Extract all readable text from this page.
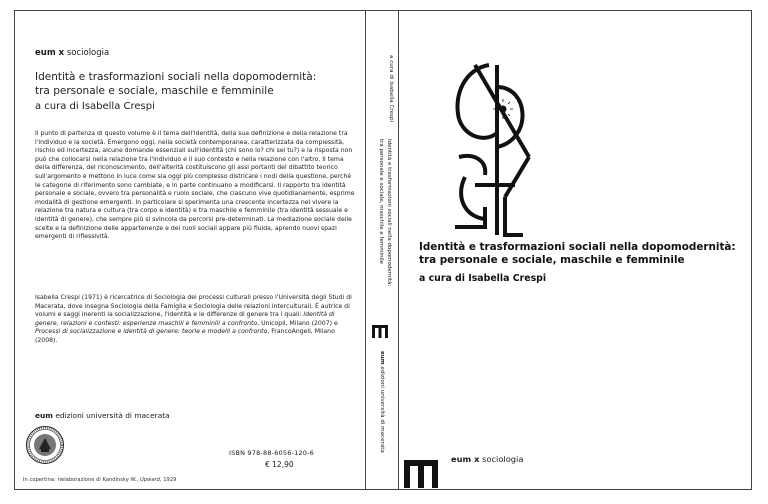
eum x sociologia
Identità e trasformazioni sociali nella dopomodernità:
tra personale e sociale, maschile e femminile
a cura di Isabella Crespi

Il punto di partenza di questo volume è il tema dell'identità, della sua definizione e della relazione tra l'individuo e la società. Emergono oggi, nella società contemporanea, caratterizzata da complessità, rischio ed incertezza, alcune domande essenziali sull'identità (chi sono io? chi sei tu?) e la risposta non può che collocarsi nella relazione tra l'individuo e il suo contesto e nella relazione con l'altro. Il tema della differenza, del riconoscimento, dell'alterità costituiscono gli assi portanti del dibattito teorico sull'argomento e mettono in luce come sia oggi più complesso districare i nodi della questione, perché le categorie di riferimento sono cambiate, e in parte continuano a modificarsi. Il rapporto tra identità personale e sociale, ovvero tra personalità e ruolo sociale, che ciascuno vive quotidianamente, esprime modalità di gestione emergenti. In particolare si sperimenta una crescente incertezza nel vivere la relazione tra natura e cultura (tra corpo e identità) e tra maschile e femminile (tra identità sessuale e identità di genere), che sempre più si svincola da percorsi pre-determinati. La mediazione sociale delle scelte e la definizione delle appartenenze e dei ruoli sociali appare più fluida, aprendo nuovi spazi emergenti di riflessività.

Isabella Crespi (1971) è ricercatrice di Sociologia dei processi culturali presso l'Università degli Studi di Macerata, dove insegna Sociologia della Famiglia e Sociologia delle relazioni interculturali. È autrice di volumi e saggi inerenti la socializzazione, l'identità e le differenze di genere tra i quali: Identità di genere, relazioni e contesti: esperienze maschili e femminili a confronto, Unicopli, Milano (2007) e Processi di socializzazione e identità di genere: teorie e modelli a confronto, FrancoAngeli, Milano (2008).

eum edizioni università di macerata
ISBN 978-88-6056-120-6
€ 12,90
In copertina: rielaborazione di Kandinsky W., Upward, 1929
Identità e trasformazioni sociali nella dopomodernità:
tra personale e sociale, maschile e femminile
a cura di Isabella Crespi
eum edizioni università di macerata
Identità e trasformazioni sociali nella dopomodernità:
tra personale e sociale, maschile e femminile
a cura di Isabella Crespi
eum x sociologia
